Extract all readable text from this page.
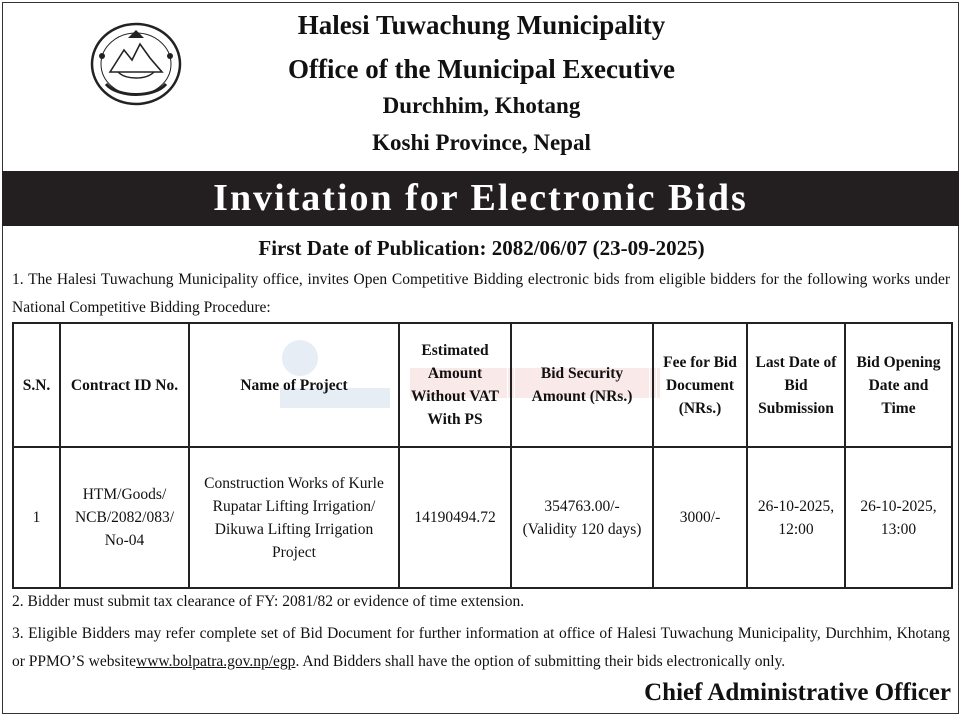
Halesi Tuwachung Municipality
Office of the Municipal Executive
Durchhim, Khotang
Koshi Province, Nepal
Invitation for Electronic Bids
First Date of Publication: 2082/06/07 (23-09-2025)
1. The Halesi Tuwachung Municipality office, invites Open Competitive Bidding electronic bids from eligible bidders for the following works under National Competitive Bidding Procedure:
S.N.	Contract ID No.	Name of Project	Estimated Amount Without VAT With PS	Bid Security Amount (NRs.)	Fee for Bid Document (NRs.)	Last Date of Bid Submission	Bid Opening Date and Time
1	HTM/Goods/ NCB/2082/083/ No-04	Construction Works of Kurle Rupatar Lifting Irrigation/ Dikuwa Lifting Irrigation Project	14190494.72	354763.00/- (Validity 120 days)	3000/-	26-10-2025, 12:00	26-10-2025, 13:00
2. Bidder must submit tax clearance of FY: 2081/82 or evidence of time extension.
3. Eligible Bidders may refer complete set of Bid Document for further information at office of Halesi Tuwachung Municipality, Durchhim, Khotang or PPMO’S websitewww.bolpatra.gov.np/egp. And Bidders shall have the option of submitting their bids electronically only.
Chief Administrative Officer
